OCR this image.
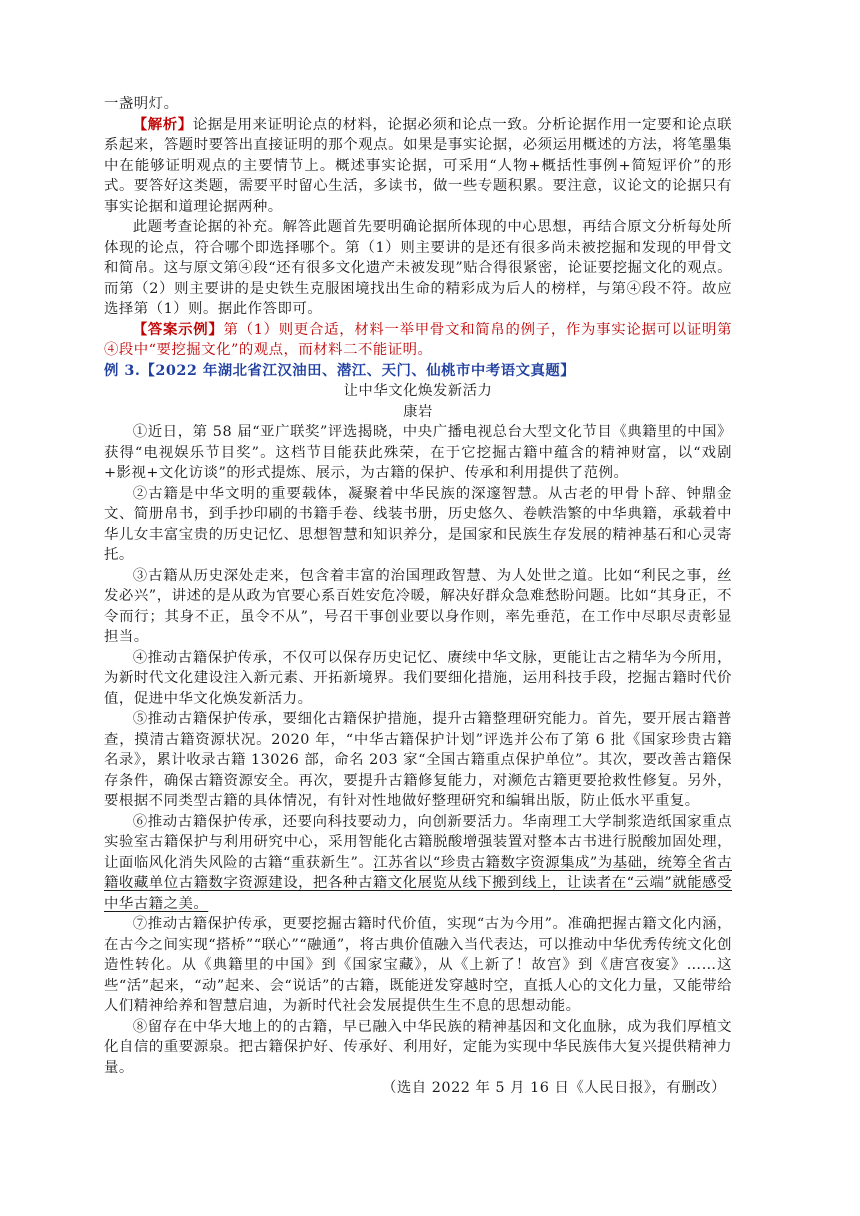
一盏明灯。

【解析】论据是用来证明论点的材料，论据必须和论点一致。分析论据作用一定要和论点联系起来，答题时要答出直接证明的那个观点。如果是事实论据，必须运用概述的方法，将笔墨集中在能够证明观点的主要情节上。概述事实论据，可采用“人物+概括性事例+简短评价”的形式。要答好这类题，需要平时留心生活，多读书，做一些专题积累。要注意，议论文的论据只有事实论据和道理论据两种。

此题考查论据的补充。解答此题首先要明确论据所体现的中心思想，再结合原文分析每处所体现的论点，符合哪个即选择哪个。第（1）则主要讲的是还有很多尚未被挖掘和发现的甲骨文和简帛。这与原文第④段“还有很多文化遗产未被发现”贴合得很紧密，论证要挖掘文化的观点。而第（2）则主要讲的是史铁生克服困境找出生命的精彩成为后人的榜样，与第④段不符。故应选择第（1）则。据此作答即可。

【答案示例】第（1）则更合适，材料一举甲骨文和简帛的例子，作为事实论据可以证明第④段中“要挖掘文化”的观点，而材料二不能证明。

例 3.【2022 年湖北省江汉油田、潜江、天门、仙桃市中考语文真题】

让中华文化焕发新活力

康岩

①近日，第 58 届“亚广联奖”评选揭晓，中央广播电视总台大型文化节目《典籍里的中国》获得“电视娱乐节目奖”。这档节目能获此殊荣，在于它挖掘古籍中蕴含的精神财富，以“戏剧+影视+文化访谈”的形式提炼、展示，为古籍的保护、传承和利用提供了范例。

②古籍是中华文明的重要载体，凝聚着中华民族的深邃智慧。从古老的甲骨卜辞、钟鼎金文、简册帛书，到手抄印刷的书籍手卷、线装书册，历史悠久、卷帙浩繁的中华典籍，承载着中华儿女丰富宝贵的历史记忆、思想智慧和知识养分，是国家和民族生存发展的精神基石和心灵寄托。

③古籍从历史深处走来，包含着丰富的治国理政智慧、为人处世之道。比如“利民之事，丝发必兴”，讲述的是从政为官要心系百姓安危冷暖，解决好群众急难愁盼问题。比如“其身正，不令而行；其身不正，虽令不从”，号召干事创业要以身作则，率先垂范，在工作中尽职尽责彰显担当。

④推动古籍保护传承，不仅可以保存历史记忆、赓续中华文脉，更能让古之精华为今所用，为新时代文化建设注入新元素、开拓新境界。我们要细化措施，运用科技手段，挖掘古籍时代价值，促进中华文化焕发新活力。

⑤推动古籍保护传承，要细化古籍保护措施，提升古籍整理研究能力。首先，要开展古籍普查，摸清古籍资源状况。2020 年，“中华古籍保护计划”评选并公布了第 6 批《国家珍贵古籍名录》，累计收录古籍 13026 部，命名 203 家“全国古籍重点保护单位”。其次，要改善古籍保存条件，确保古籍资源安全。再次，要提升古籍修复能力，对濒危古籍更要抢救性修复。另外，要根据不同类型古籍的具体情况，有针对性地做好整理研究和编辑出版，防止低水平重复。

⑥推动古籍保护传承，还要向科技要动力，向创新要活力。华南理工大学制浆造纸国家重点实验室古籍保护与利用研究中心，采用智能化古籍脱酸增强装置对整本古书进行脱酸加固处理，让面临风化消失风险的古籍“重获新生”。江苏省以“珍贵古籍数字资源集成”为基础，统筹全省古籍收藏单位古籍数字资源建设，把各种古籍文化展览从线下搬到线上，让读者在“云端”就能感受中华古籍之美。

⑦推动古籍保护传承，更要挖掘古籍时代价值，实现“古为今用”。准确把握古籍文化内涵，在古今之间实现“搭桥”“联心”“融通”，将古典价值融入当代表达，可以推动中华优秀传统文化创造性转化。从《典籍里的中国》到《国家宝藏》，从《上新了！故宫》到《唐宫夜宴》……这些“活”起来，“动”起来、会“说话”的古籍，既能迸发穿越时空，直抵人心的文化力量，又能带给人们精神给养和智慧启迪，为新时代社会发展提供生生不息的思想动能。

⑧留存在中华大地上的的古籍，早已融入中华民族的精神基因和文化血脉，成为我们厚植文化自信的重要源泉。把古籍保护好、传承好、利用好，定能为实现中华民族伟大复兴提供精神力量。

（选自 2022 年 5 月 16 日《人民日报》，有删改）
